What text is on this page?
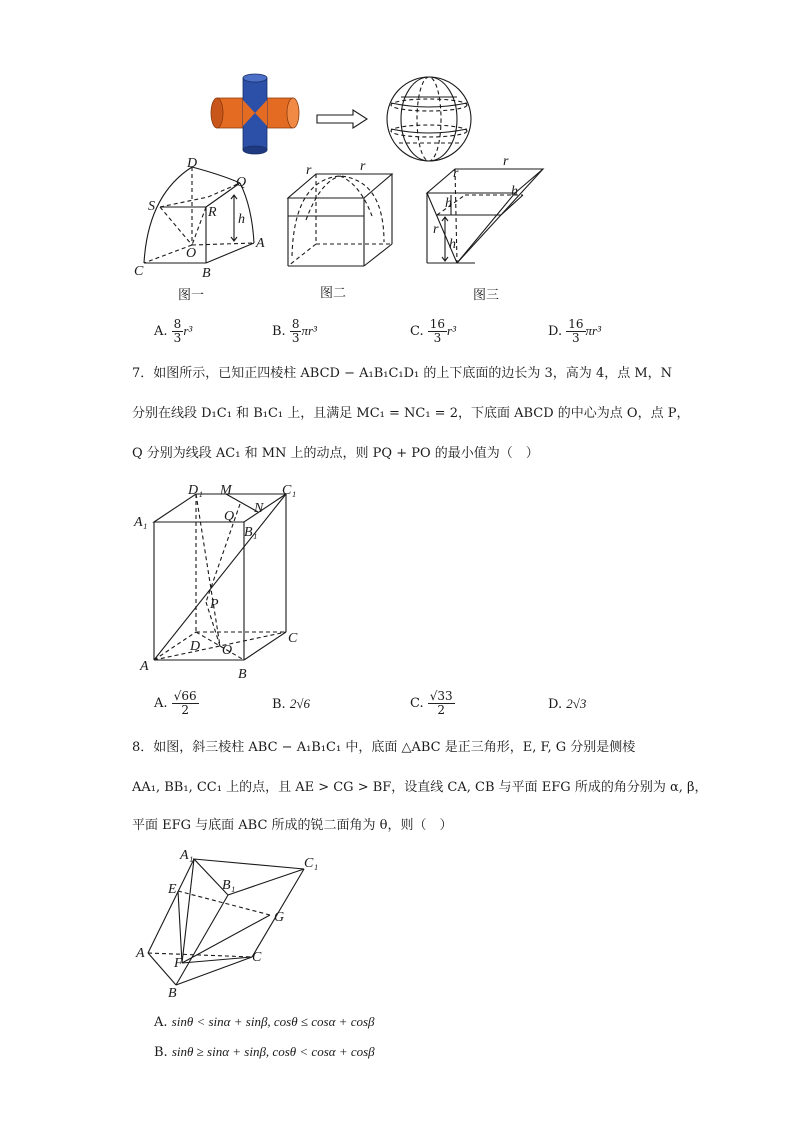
D
Q
S	R h
O
A
C	B
图一
r	r
图二
r
r
h
h
h
r
图三
A. $\frac{8}{3} r^3$	B. $\frac{8}{3} \pi r^3$	C. $\frac{16}{3} r^3$	D. $\frac{16}{3} \pi r^3$
7．如图所示，已知正四棱柱 ABCD − A₁B₁C₁D₁ 的上下底面的边长为 3，高为 4，点 M，N
分别在线段 D₁C₁ 和 B₁C₁ 上，且满足 MC₁ = NC₁ = 2，下底面 ABCD 的中心为点 O，点 P，
Q 分别为线段 AC₁ 和 MN 上的动点，则 PQ + PO 的最小值为（　）
D₁ M	C₁
A₁	Q
N
B₁
P
D O
C
A
B
A. $\frac{√66}{2}$	B. 2√6	C. $\frac{√33}{2}$	D. 2√3
8．如图，斜三棱柱 ABC − A₁B₁C₁ 中，底面 △ABC 是正三角形，E, F, G 分别是侧棱
AA₁, BB₁, CC₁ 上的点，且 AE > CG > BF，设直线 CA, CB 与平面 EFG 所成的角分别为 α, β，
平面 EFG 与底面 ABC 所成的锐二面角为 θ，则（　）
A₁
C₁
E	B₁
G
A
F	C
B
A. sinθ < sinα + sinβ, cosθ ≤ cosα + cosβ
B. sinθ ≥ sinα + sinβ, cosθ < cosα + cosβ
